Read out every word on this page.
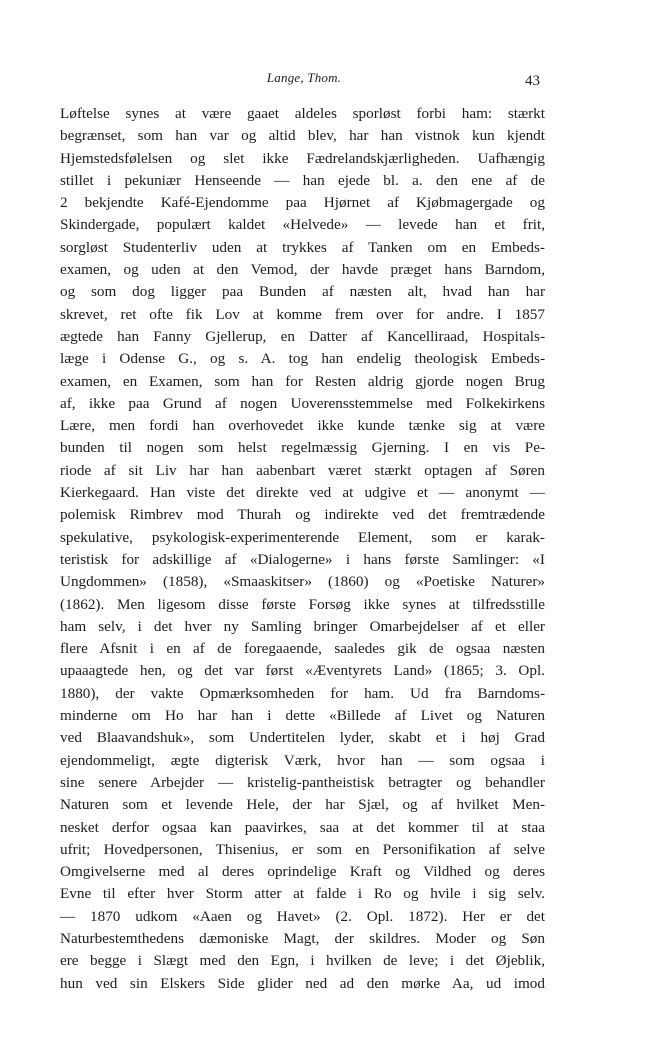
Lange, Thom.	43
Løftelse synes at være gaaet aldeles sporløst forbi ham: stærkt
begrænset, som han var og altid blev, har han vistnok kun kjendt
Hjemstedsfølelsen og slet ikke Fædrelandskjærligheden. Uafhængig
stillet i pekuniær Henseende — han ejede bl. a. den ene af de
2 bekjendte Kafé-Ejendomme paa Hjørnet af Kjøbmagergade og
Skindergade, populært kaldet «Helvede» — levede han et frit,
sorgløst Studenterliv uden at trykkes af Tanken om en Embeds-
examen, og uden at den Vemod, der havde præget hans Barndom,
og som dog ligger paa Bunden af næsten alt, hvad han har
skrevet, ret ofte fik Lov at komme frem over for andre. I 1857
ægtede han Fanny Gjellerup, en Datter af Kancelliraad, Hospitals-
læge i Odense G., og s. A. tog han endelig theologisk Embeds-
examen, en Examen, som han for Resten aldrig gjorde nogen Brug
af, ikke paa Grund af nogen Uoverensstemmelse med Folkekirkens
Lære, men fordi han overhovedet ikke kunde tænke sig at være
bunden til nogen som helst regelmæssig Gjerning. I en vis Pe-
riode af sit Liv har han aabenbart været stærkt optagen af Søren
Kierkegaard. Han viste det direkte ved at udgive et — anonymt —
polemisk Rimbrev mod Thurah og indirekte ved det fremtrædende
spekulative, psykologisk-experimenterende Element, som er karak-
teristisk for adskillige af «Dialogerne» i hans første Samlinger: «I
Ungdommen» (1858), «Smaaskitser» (1860) og «Poetiske Naturer»
(1862). Men ligesom disse første Forsøg ikke synes at tilfredsstille
ham selv, i det hver ny Samling bringer Omarbejdelser af et eller
flere Afsnit i en af de foregaaende, saaledes gik de ogsaa næsten
upaaagtede hen, og det var først «Æventyrets Land» (1865; 3. Opl.
1880), der vakte Opmærksomheden for ham. Ud fra Barndoms-
minderne om Ho har han i dette «Billede af Livet og Naturen
ved Blaavandshuk», som Undertitelen lyder, skabt et i høj Grad
ejendommeligt, ægte digterisk Værk, hvor han — som ogsaa i
sine senere Arbejder — kristelig-pantheistisk betragter og behandler
Naturen som et levende Hele, der har Sjæl, og af hvilket Men-
nesket derfor ogsaa kan paavirkes, saa at det kommer til at staa
ufrit; Hovedpersonen, Thisenius, er som en Personifikation af selve
Omgivelserne med al deres oprindelige Kraft og Vildhed og deres
Evne til efter hver Storm atter at falde i Ro og hvile i sig selv.
— 1870 udkom «Aaen og Havet» (2. Opl. 1872). Her er det
Naturbestemthedens dæmoniske Magt, der skildres. Moder og Søn
ere begge i Slægt med den Egn, i hvilken de leve; i det Øjeblik,
hun ved sin Elskers Side glider ned ad den mørke Aa, ud imod
